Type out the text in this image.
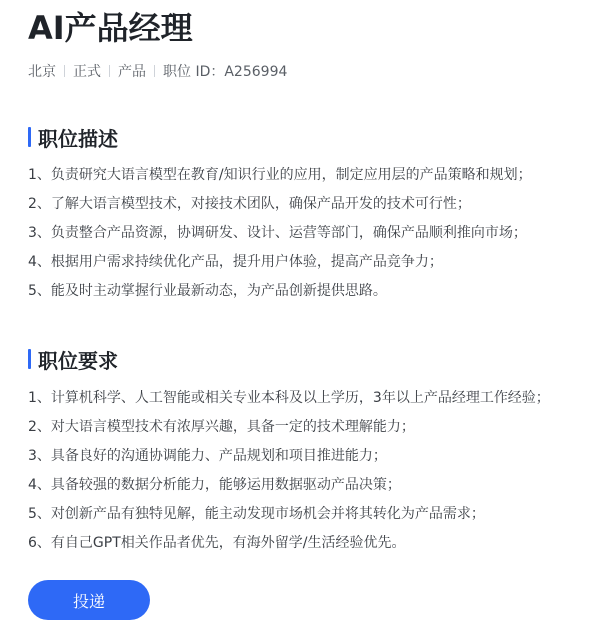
AI产品经理
北京 正式 产品 职位 ID：A256994
职位描述
1、负责研究大语言模型在教育/知识行业的应用，制定应用层的产品策略和规划；
2、了解大语言模型技术，对接技术团队，确保产品开发的技术可行性；
3、负责整合产品资源，协调研发、设计、运营等部门，确保产品顺利推向市场；
4、根据用户需求持续优化产品，提升用户体验，提高产品竞争力；
5、能及时主动掌握行业最新动态，为产品创新提供思路。
职位要求
1、计算机科学、人工智能或相关专业本科及以上学历，3年以上产品经理工作经验；
2、对大语言模型技术有浓厚兴趣，具备一定的技术理解能力；
3、具备良好的沟通协调能力、产品规划和项目推进能力；
4、具备较强的数据分析能力，能够运用数据驱动产品决策；
5、对创新产品有独特见解，能主动发现市场机会并将其转化为产品需求；
6、有自己GPT相关作品者优先，有海外留学/生活经验优先。
投递
